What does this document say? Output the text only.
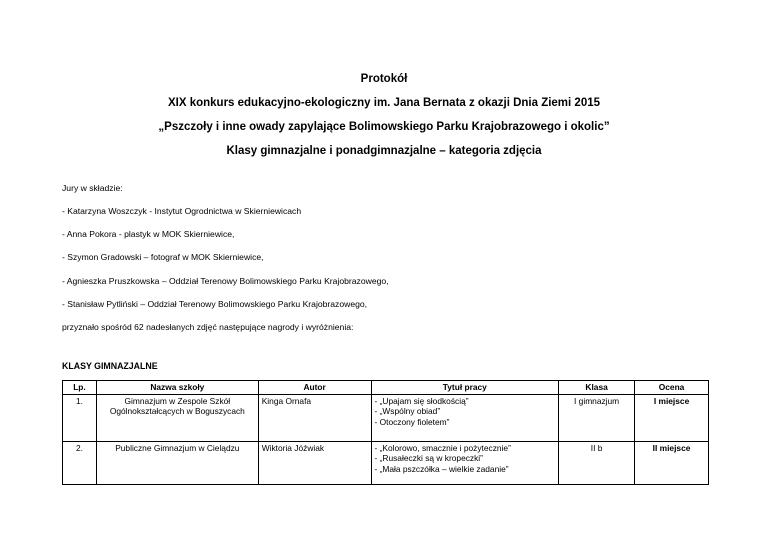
Protokół
XIX konkurs edukacyjno-ekologiczny im. Jana Bernata z okazji Dnia Ziemi 2015
„Pszczoły i inne owady zapylające Bolimowskiego Parku Krajobrazowego i okolic”
Klasy gimnazjalne i ponadgimnazjalne – kategoria zdjęcia
Jury w składzie:
- Katarzyna Woszczyk - Instytut Ogrodnictwa w Skierniewicach
- Anna Pokora - plastyk w MOK Skierniewice,
- Szymon Gradowski – fotograf w MOK Skierniewice,
- Agnieszka Pruszkowska – Oddział Terenowy Bolimowskiego Parku Krajobrazowego,
- Stanisław Pytliński – Oddział Terenowy Bolimowskiego Parku Krajobrazowego,
przyznało spośród 62 nadesłanych zdjęć następujące nagrody i wyróżnienia:
KLASY GIMNAZJALNE
Lp.	Nazwa szkoły	Autor	Tytuł pracy	Klasa	Ocena
1.	Gimnazjum w Zespole Szkół Ogólnokształcących w Boguszycach	Kinga Ornafa	- „Upajam się słodkością”
- „Wspólny obiad”
- Otoczony fioletem”	I gimnazjum	I miejsce
2.	Publiczne Gimnazjum w Cielądzu	Wiktoria Jóźwiak	- „Kolorowo, smacznie i pożytecznie”
- „Rusałeczki są w kropeczki”
- „Mała pszczółka – wielkie zadanie”	II b	II miejsce
